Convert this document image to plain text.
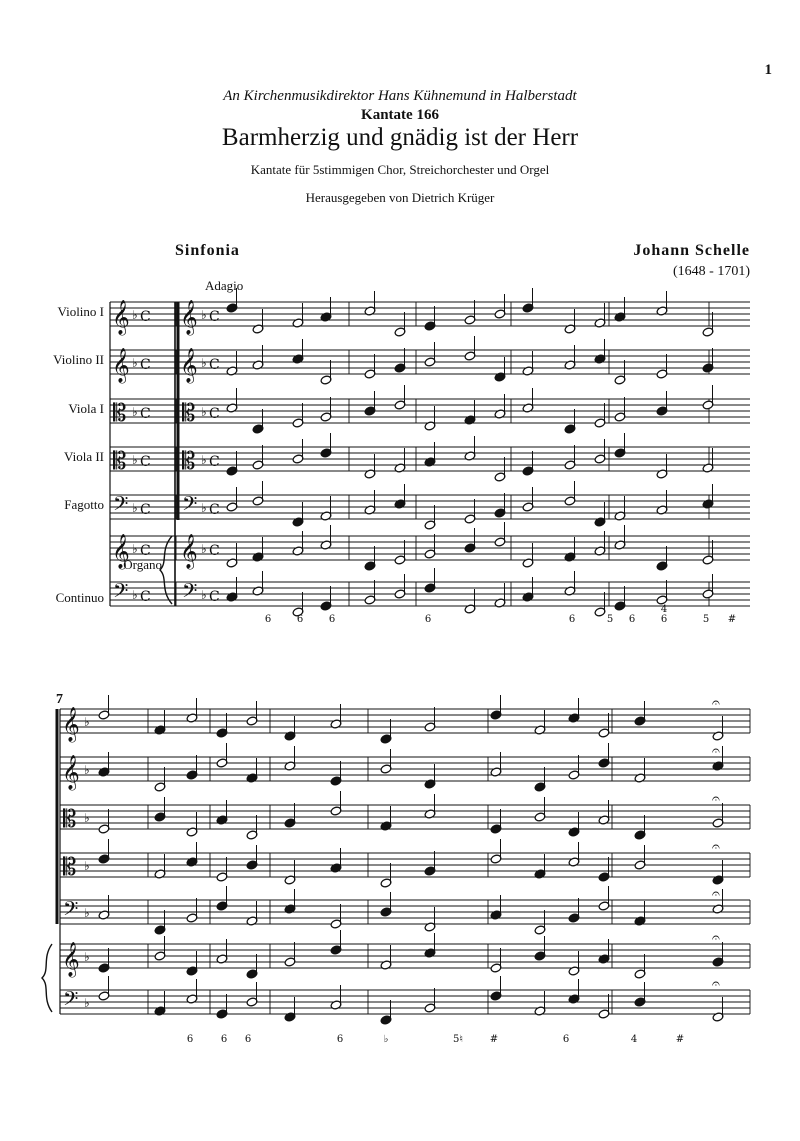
1
An Kirchenmusikdirektor Hans Kühnemund in Halberstadt
Kantate 166
Barmherzig und gnädig ist der Herr
Kantate für 5stimmigen Chor, Streichorchester und Orgel
Herausgegeben von Dietrich Krüger
Sinfonia	Johann Schelle
(1648 - 1701)
Adagio
Violino I
Violino II
Viola I
Viola II
Fagotto
Organo
Continuo
7
𝄞 𝄞
♭	♭
C	C
𝄞 𝄞
♭	♭
C	C
𝄡 𝄡
♭	♭
C	C
𝄡 𝄡
♭	♭
C	C
𝄢 𝄢
♭	♭
C	C
𝄞 𝄞
♭	♭
C	C
𝄢 𝄢
♭	♭
C	C
𝄞 ♭
𝄞 ♭
𝄡 ♭
𝄡 ♭
𝄢 ♭
𝄞 ♭
𝄢 ♭
𝄐
𝄐
𝄐
𝄐
𝄐
𝄐
𝄐
6	6	6	6	6	5 6	6
4
5 #
6	6 6	6	♭	5♮	#	6	4	#
